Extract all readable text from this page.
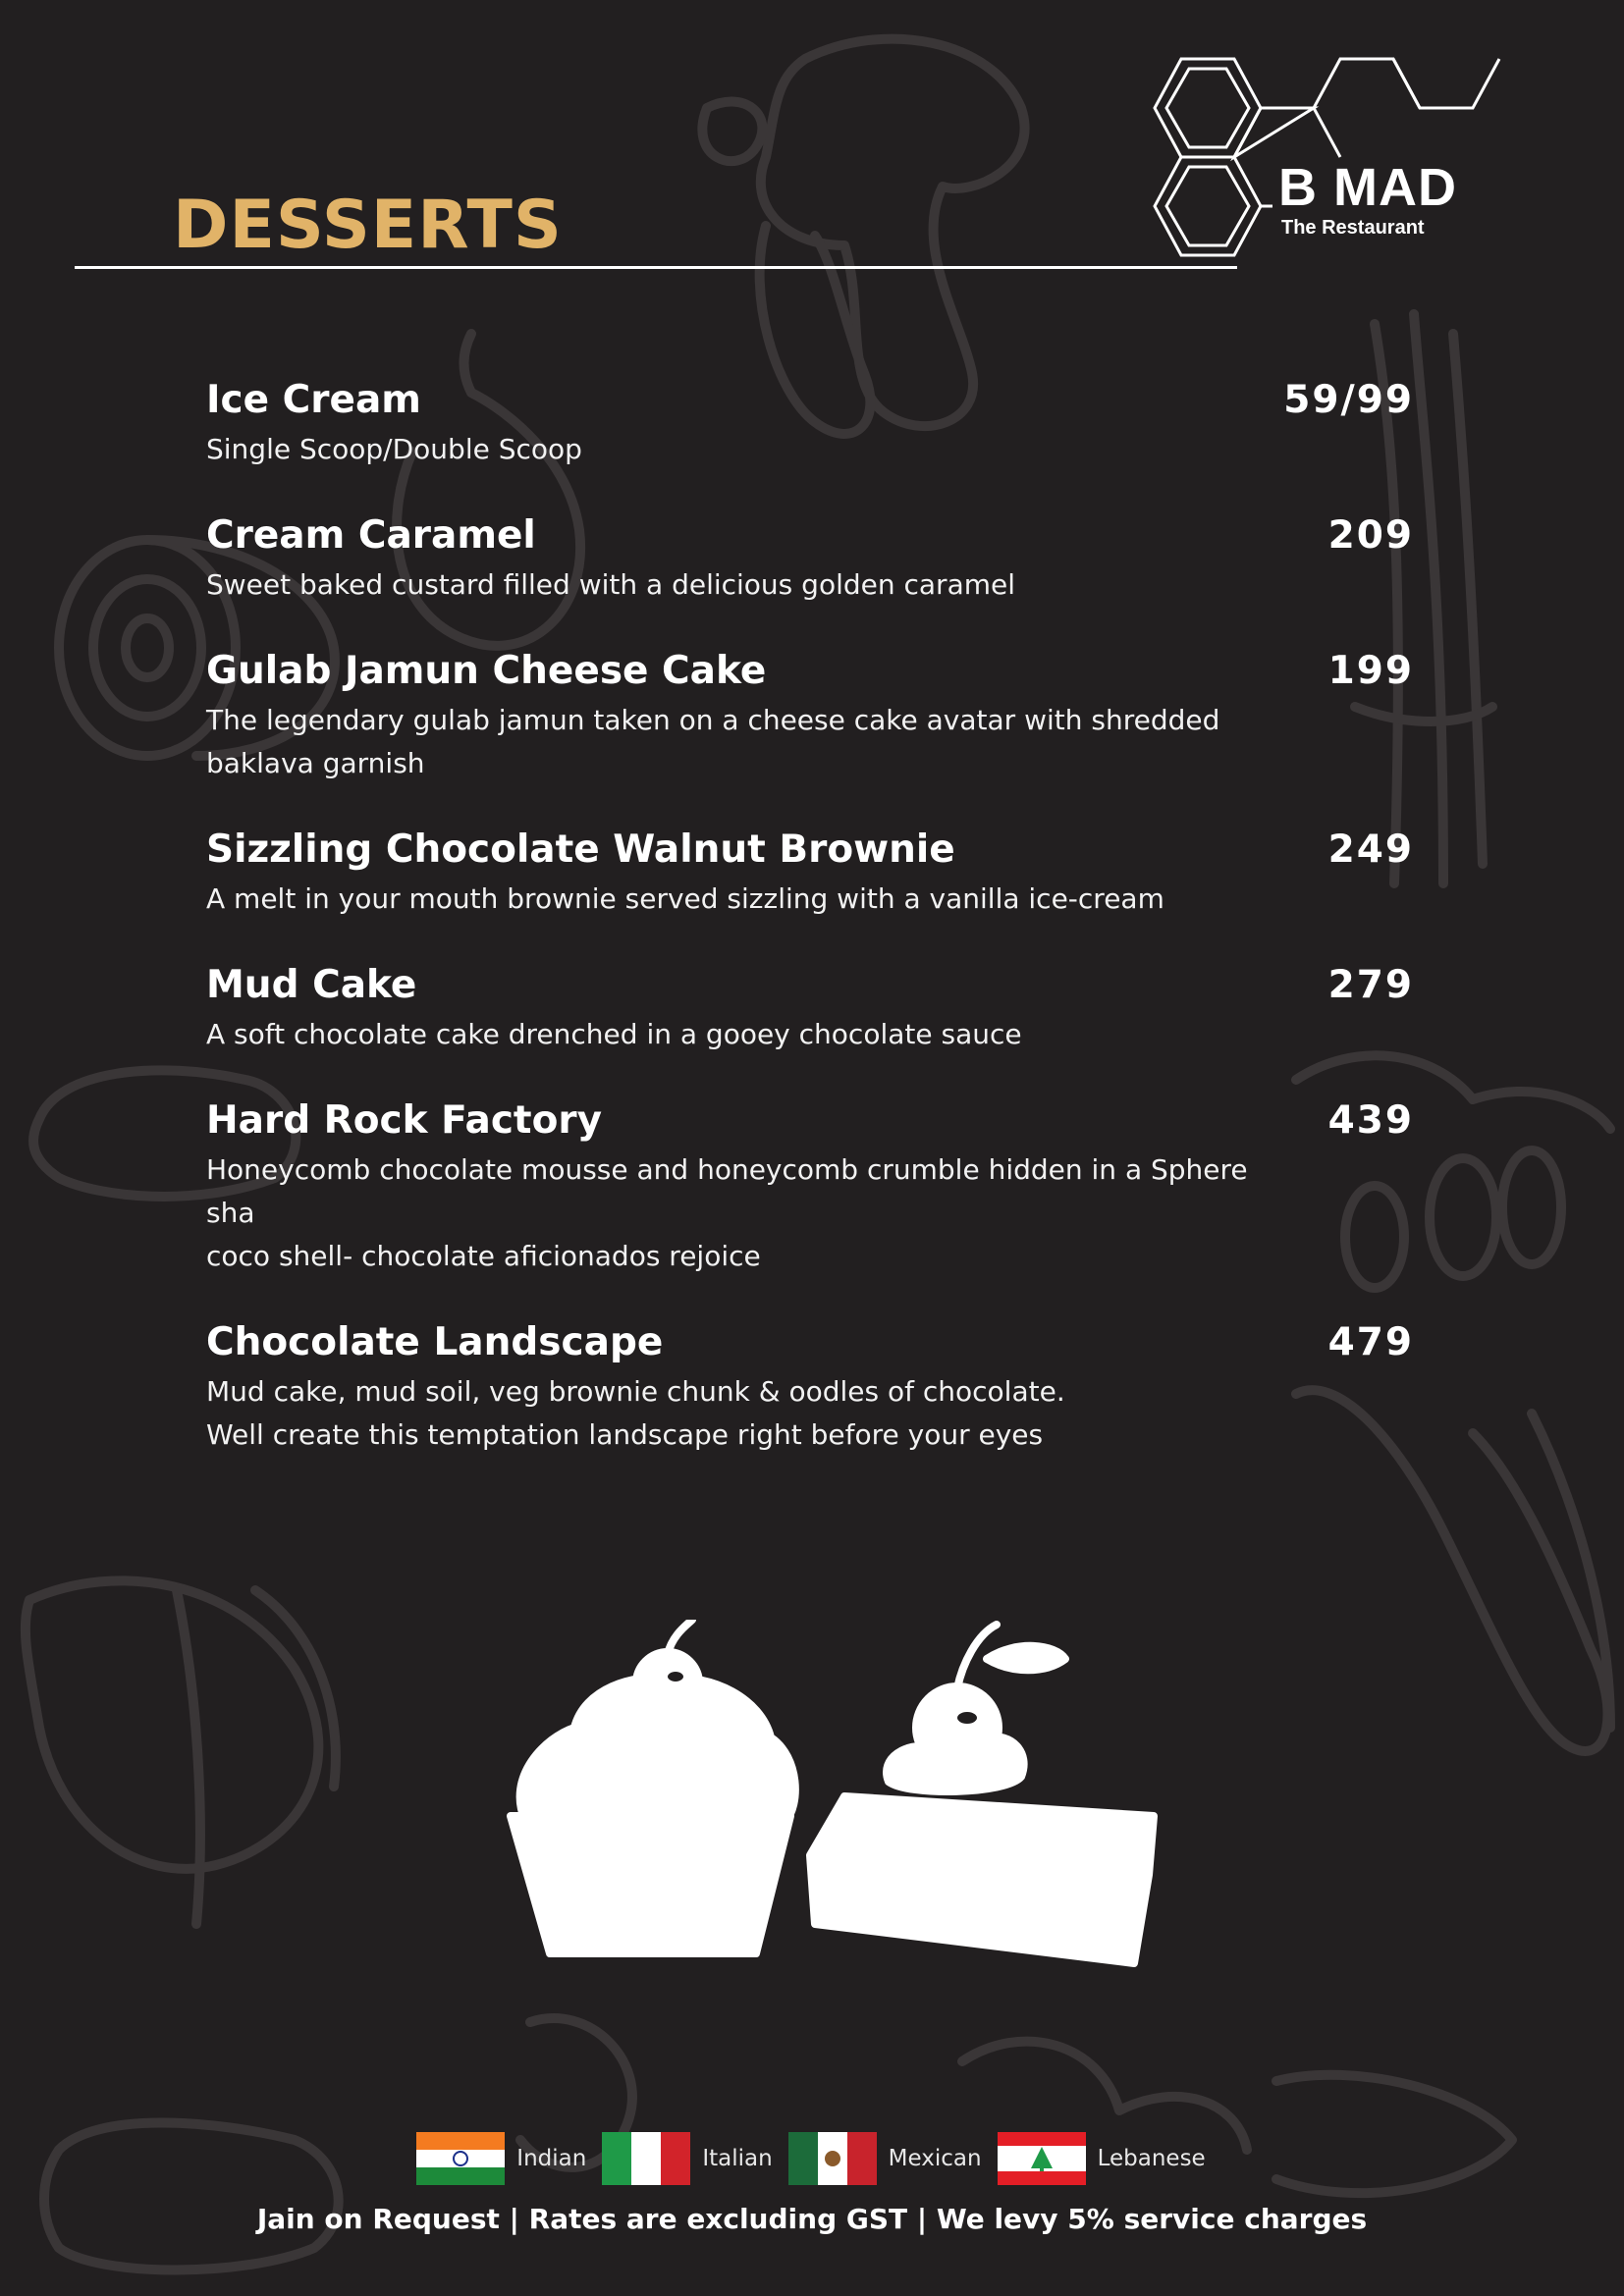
B MAD
The Restaurant
DESSERTS
Ice Cream	59/99
Single Scoop/Double Scoop
Cream Caramel	209
Sweet baked custard filled with a delicious golden caramel
Gulab Jamun Cheese Cake	199
The legendary gulab jamun taken on a cheese cake avatar with shredded
baklava garnish
Sizzling Chocolate Walnut Brownie	249
A melt in your mouth brownie served sizzling with a vanilla ice-cream
Mud Cake	279
A soft chocolate cake drenched in a gooey chocolate sauce
Hard Rock Factory	439
Honeycomb chocolate mousse and honeycomb crumble hidden in a Sphere sha
coco shell- chocolate aficionados rejoice
Chocolate Landscape	479
Mud cake, mud soil, veg brownie chunk & oodles of chocolate.
Well create this temptation landscape right before your eyes
Indian	Italian	Mexican	Lebanese
Jain on Request | Rates are excluding GST | We levy 5% service charges
